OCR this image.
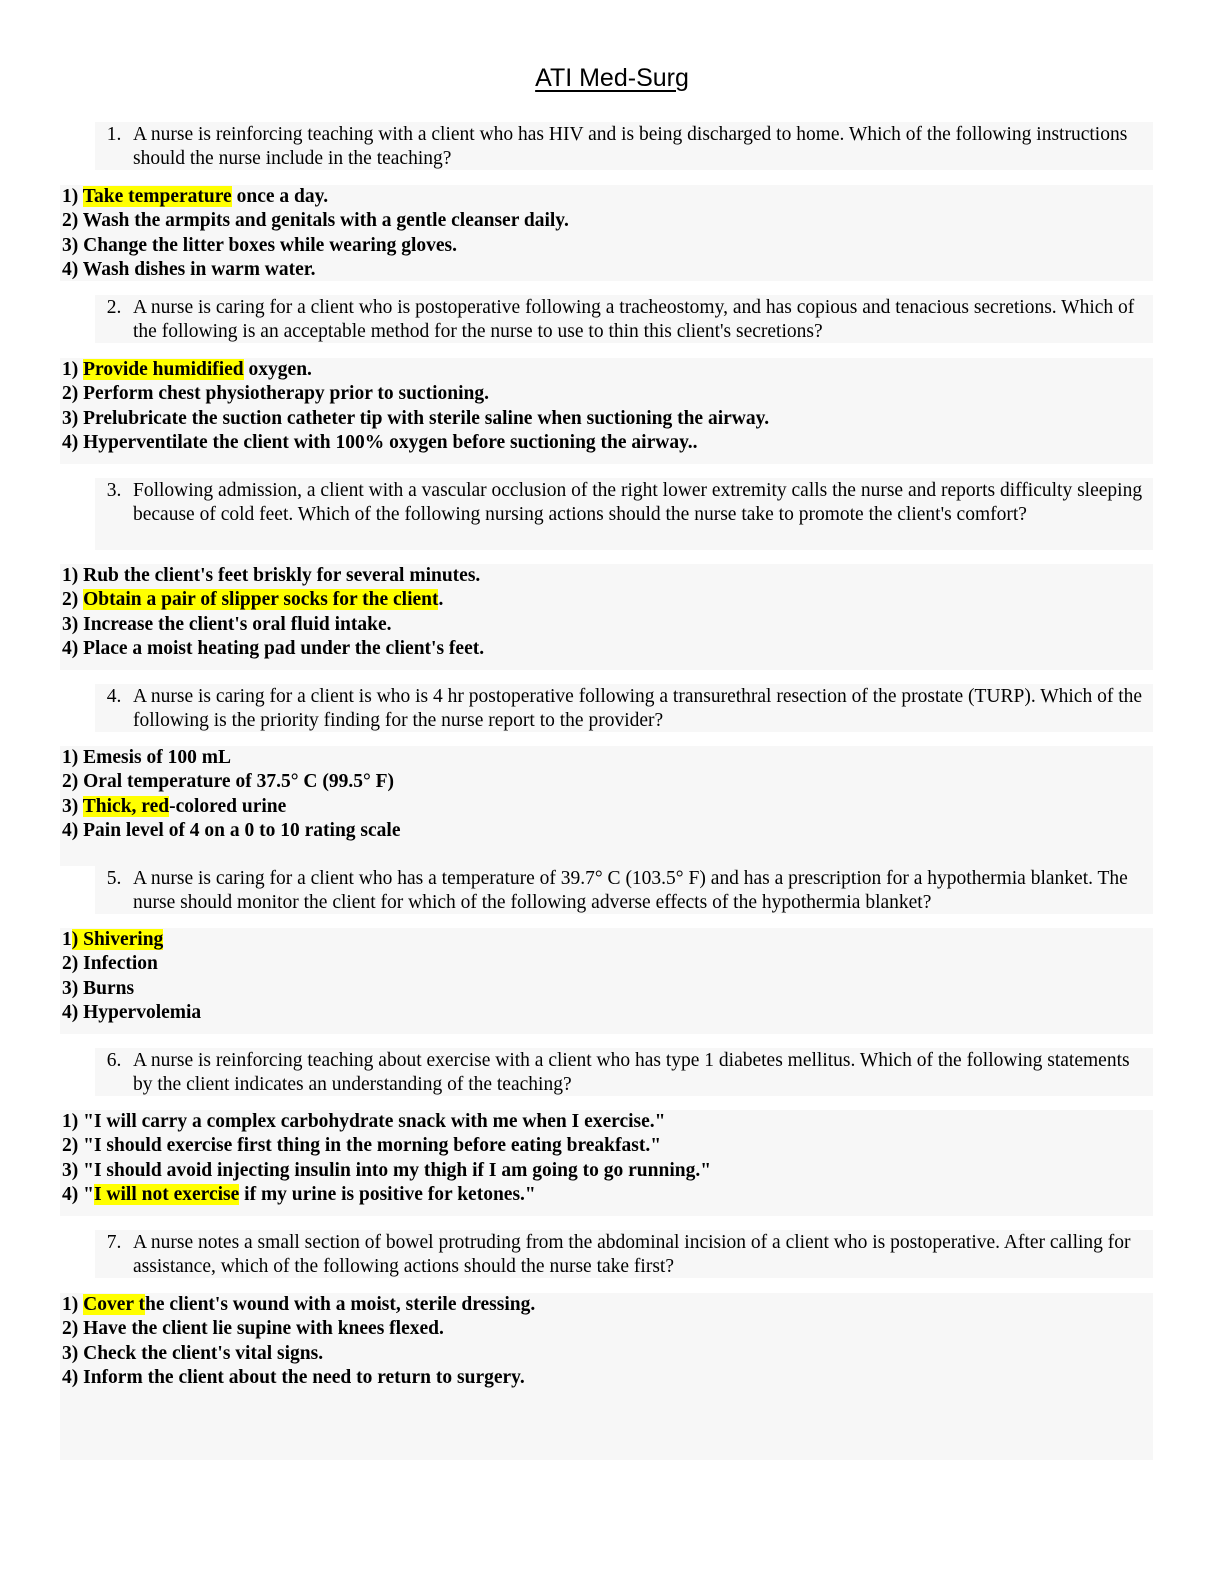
ATI Med-Surg
1. A nurse is reinforcing teaching with a client who has HIV and is being discharged to home. Which of the following instructions should the nurse include in the teaching?
1) Take temperature once a day.
2) Wash the armpits and genitals with a gentle cleanser daily.
3) Change the litter boxes while wearing gloves.
4) Wash dishes in warm water.
2. A nurse is caring for a client who is postoperative following a tracheostomy, and has copious and tenacious secretions. Which of the following is an acceptable method for the nurse to use to thin this client's secretions?
1) Provide humidified oxygen.
2) Perform chest physiotherapy prior to suctioning.
3) Prelubricate the suction catheter tip with sterile saline when suctioning the airway.
4) Hyperventilate the client with 100% oxygen before suctioning the airway..
3. Following admission, a client with a vascular occlusion of the right lower extremity calls the nurse and reports difficulty sleeping because of cold feet. Which of the following nursing actions should the nurse take to promote the client's comfort?
1) Rub the client's feet briskly for several minutes.
2) Obtain a pair of slipper socks for the client.
3) Increase the client's oral fluid intake.
4) Place a moist heating pad under the client's feet.
4. A nurse is caring for a client is who is 4 hr postoperative following a transurethral resection of the prostate (TURP). Which of the following is the priority finding for the nurse report to the provider?
1) Emesis of 100 mL
2) Oral temperature of 37.5° C (99.5° F)
3) Thick, red-colored urine
4) Pain level of 4 on a 0 to 10 rating scale
5. A nurse is caring for a client who has a temperature of 39.7° C (103.5° F) and has a prescription for a hypothermia blanket. The nurse should monitor the client for which of the following adverse effects of the hypothermia blanket?
1) Shivering
2) Infection
3) Burns
4) Hypervolemia
6. A nurse is reinforcing teaching about exercise with a client who has type 1 diabetes mellitus. Which of the following statements by the client indicates an understanding of the teaching?
1) "I will carry a complex carbohydrate snack with me when I exercise."
2) "I should exercise first thing in the morning before eating breakfast."
3) "I should avoid injecting insulin into my thigh if I am going to go running."
4) "I will not exercise if my urine is positive for ketones."
7. A nurse notes a small section of bowel protruding from the abdominal incision of a client who is postoperative. After calling for assistance, which of the following actions should the nurse take first?
1) Cover the client's wound with a moist, sterile dressing.
2) Have the client lie supine with knees flexed.
3) Check the client's vital signs.
4) Inform the client about the need to return to surgery.
